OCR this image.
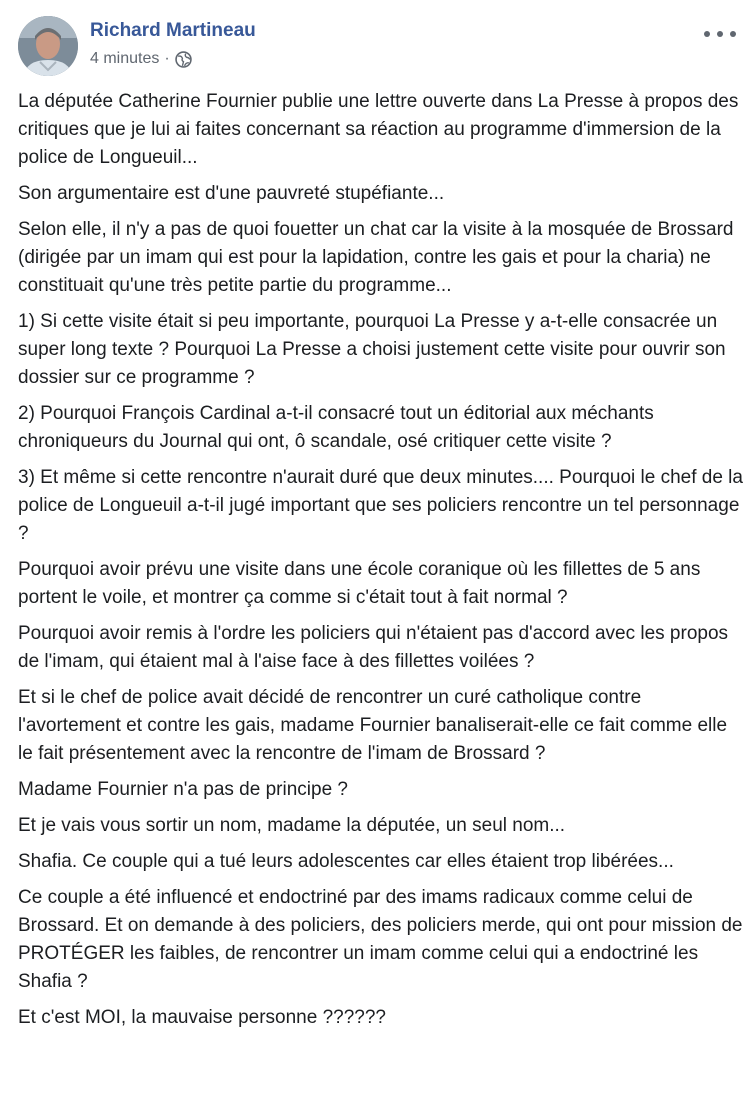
Richard Martineau
4 minutes ·

La députée Catherine Fournier publie une lettre ouverte dans La Presse à propos des critiques que je lui ai faites concernant sa réaction au programme d'immersion de la police de Longueuil...

Son argumentaire est d'une pauvreté stupéfiante...

Selon elle, il n'y a pas de quoi fouetter un chat car la visite à la mosquée de Brossard (dirigée par un imam qui est pour la lapidation, contre les gais et pour la charia) ne constituait qu'une très petite partie du programme...

1) Si cette visite était si peu importante, pourquoi La Presse y a-t-elle consacrée un super long texte ? Pourquoi La Presse a choisi justement cette visite pour ouvrir son dossier sur ce programme ?

2) Pourquoi François Cardinal a-t-il consacré tout un éditorial aux méchants chroniqueurs du Journal qui ont, ô scandale, osé critiquer cette visite ?

3) Et même si cette rencontre n'aurait duré que deux minutes.... Pourquoi le chef de la police de Longueuil a-t-il jugé important que ses policiers rencontre un tel personnage ?

Pourquoi avoir prévu une visite dans une école coranique où les fillettes de 5 ans portent le voile, et montrer ça comme si c'était tout à fait normal ?

Pourquoi avoir remis à l'ordre les policiers qui n'étaient pas d'accord avec les propos de l'imam, qui étaient mal à l'aise face à des fillettes voilées ?

Et si le chef de police avait décidé de rencontrer un curé catholique contre l'avortement et contre les gais, madame Fournier banaliserait-elle ce fait comme elle le fait présentement avec la rencontre de l'imam de Brossard ?

Madame Fournier n'a pas de principe ?

Et je vais vous sortir un nom, madame la députée, un seul nom...

Shafia. Ce couple qui a tué leurs adolescentes car elles étaient trop libérées...

Ce couple a été influencé et endoctriné par des imams radicaux comme celui de Brossard. Et on demande à des policiers, des policiers merde, qui ont pour mission de PROTÉGER les faibles, de rencontrer un imam comme celui qui a endoctriné les Shafia ?

Et c'est MOI, la mauvaise personne ??????
